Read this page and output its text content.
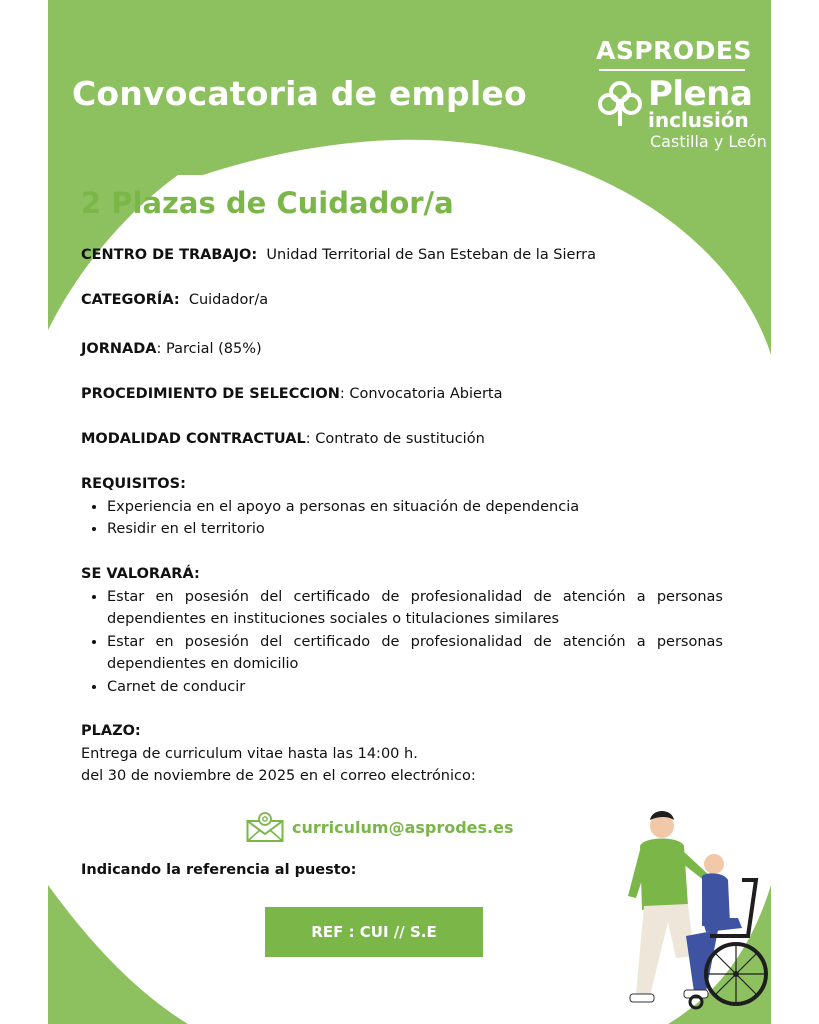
Convocatoria de empleo
ASPRODES
Plena
inclusión
Castilla y León
2 Plazas de Cuidador/a
CENTRO DE TRABAJO: Unidad Territorial de San Esteban de la Sierra
CATEGORÍA: Cuidador/a
JORNADA: Parcial (85%)
PROCEDIMIENTO DE SELECCION: Convocatoria Abierta
MODALIDAD CONTRACTUAL: Contrato de sustitución
REQUISITOS:
• Experiencia en el apoyo a personas en situación de dependencia
• Residir en el territorio
SE VALORARÁ:
• Estar en posesión del certificado de profesionalidad de atención a personas dependientes en instituciones sociales o titulaciones similares
• Estar en posesión del certificado de profesionalidad de atención a personas dependientes en domicilio
• Carnet de conducir
PLAZO:
Entrega de curriculum vitae hasta las 14:00 h.
del 30 de noviembre de 2025 en el correo electrónico:
Indicando la referencia al puesto:
curriculum@asprodes.es
REF : CUI // S.E
